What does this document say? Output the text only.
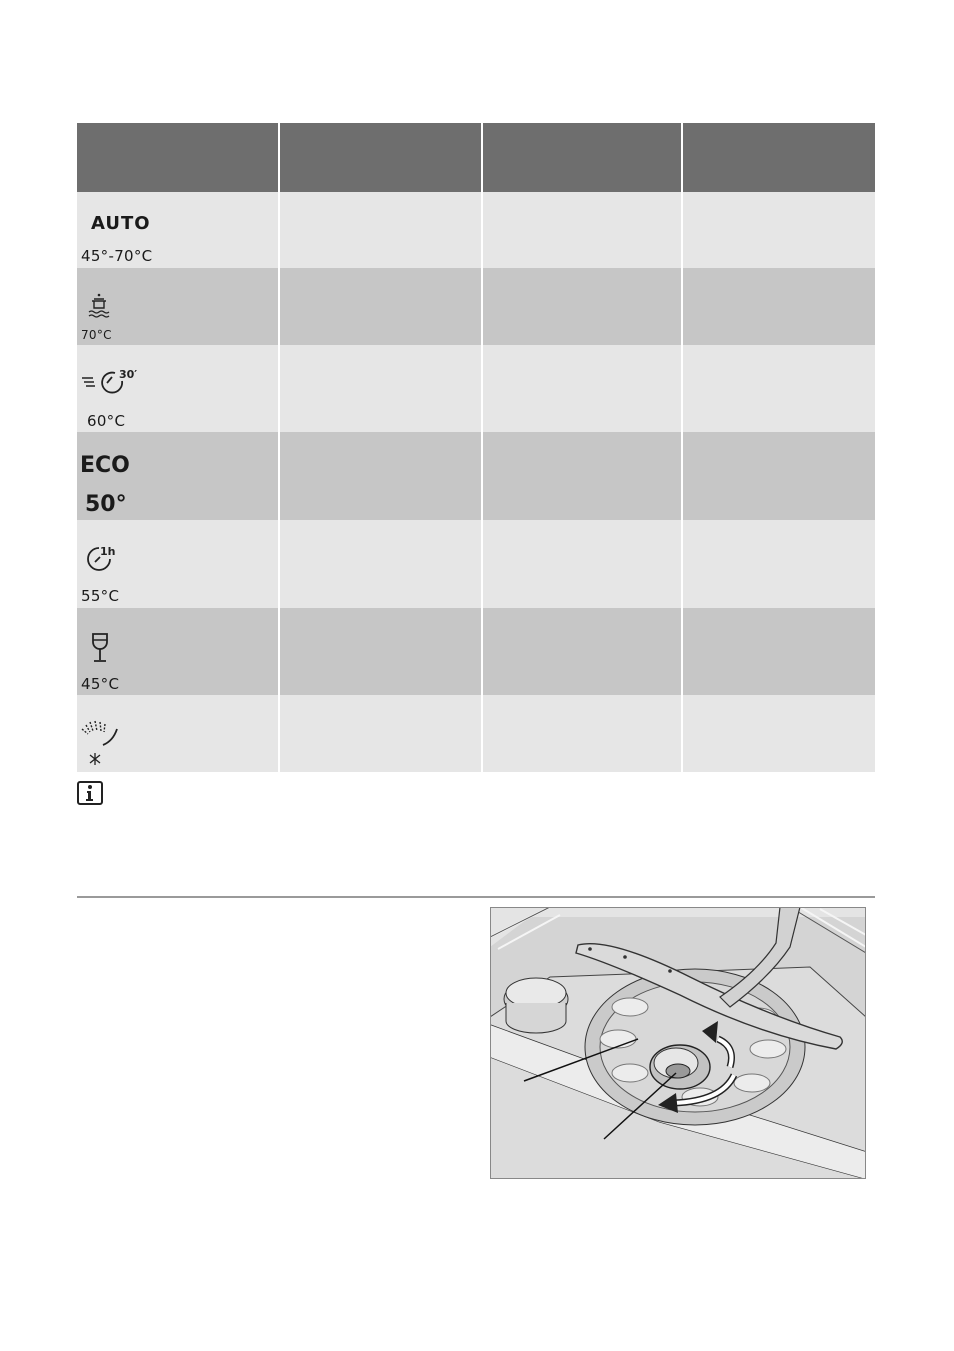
AUTO
45°-70°C
70°C
30′
60°C
ECO
50°
1h
55°C
45°C
